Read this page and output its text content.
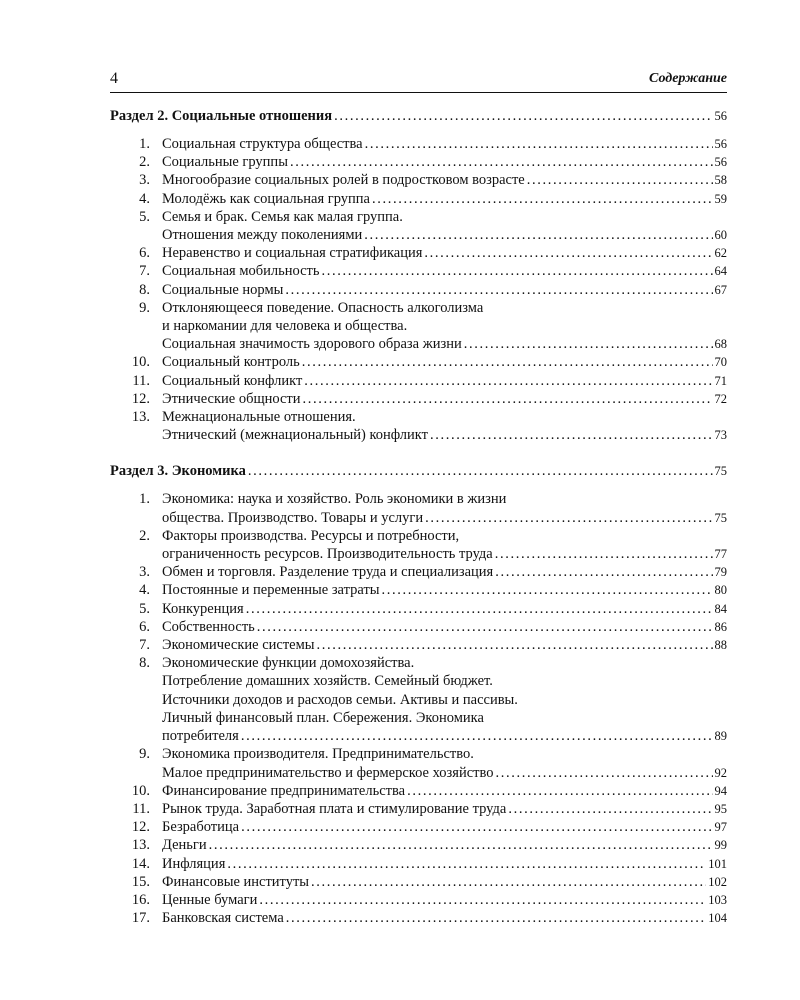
4	Содержание
Раздел 2. Социальные отношения . . .	56
1. Социальная структура общества . . .	56
2. Социальные группы . . .	56
3. Многообразие социальных ролей в подростковом возрасте . . .	58
4. Молодёжь как социальная группа . . .	59
5. Семья и брак. Семья как малая группа.
Отношения между поколениями . . .	60
6. Неравенство и социальная стратификация . . .	62
7. Социальная мобильность . . .	64
8. Социальные нормы . . .	67
9. Отклоняющееся поведение. Опасность алкоголизма
и наркомании для человека и общества.
Социальная значимость здорового образа жизни . . .	68
10. Социальный контроль . . .	70
11. Социальный конфликт . . .	71
12. Этнические общности . . .	72
13. Межнациональные отношения.
Этнический (межнациональный) конфликт . . .	73
Раздел 3. Экономика . . .	75
1. Экономика: наука и хозяйство. Роль экономики в жизни
общества. Производство. Товары и услуги . . .	75
2. Факторы производства. Ресурсы и потребности,
ограниченность ресурсов. Производительность труда . . .	77
3. Обмен и торговля. Разделение труда и специализация . . .	79
4. Постоянные и переменные затраты . . .	80
5. Конкуренция . . .	84
6. Собственность . . .	86
7. Экономические системы . . .	88
8. Экономические функции домохозяйства.
Потребление домашних хозяйств. Семейный бюджет.
Источники доходов и расходов семьи. Активы и пассивы.
Личный финансовый план. Сбережения. Экономика
потребителя . . .	89
9. Экономика производителя. Предпринимательство.
Малое предпринимательство и фермерское хозяйство . . .	92
10. Финансирование предпринимательства . . .	94
11. Рынок труда. Заработная плата и стимулирование труда . . .	95
12. Безработица . . .	97
13. Деньги . . .	99
14. Инфляция . . .	101
15. Финансовые институты . . .	102
16. Ценные бумаги . . .	103
17. Банковская система . . .	104
